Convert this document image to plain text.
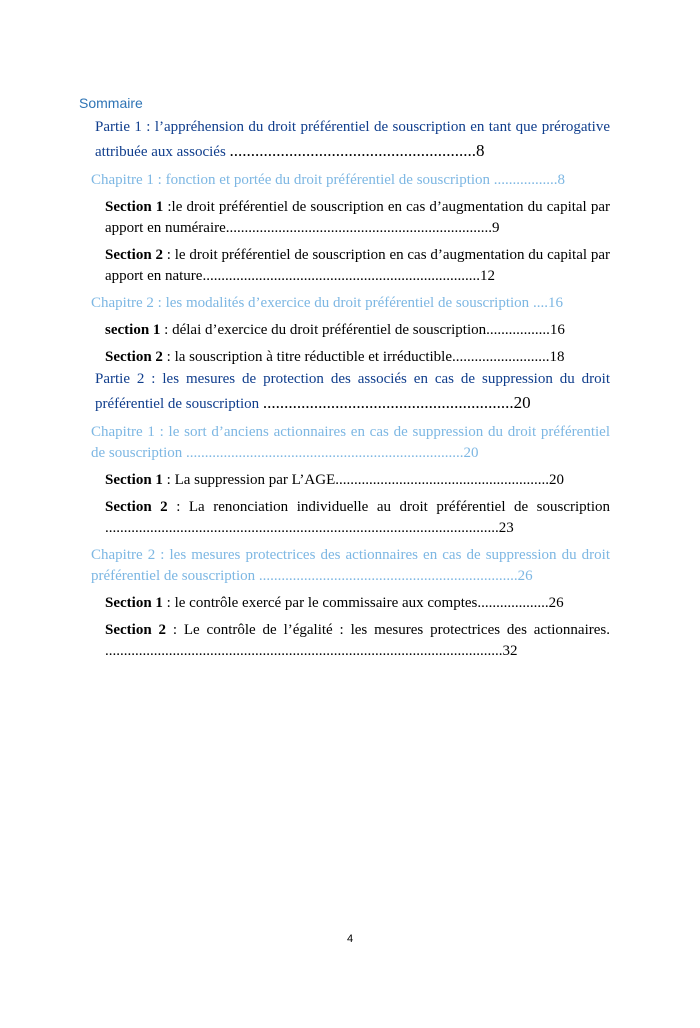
Sommaire

Partie 1 : l’appréhension du droit préférentiel de souscription en tant que prérogative attribuée aux associés ..........................................................8

Chapitre 1 : fonction et portée du droit préférentiel de souscription .................8

Section 1 :le droit préférentiel de souscription en cas d’augmentation du capital par apport en numéraire.......................................................................9

Section 2 : le droit préférentiel de souscription en cas d’augmentation du capital par apport en nature..........................................................................12

Chapitre 2 : les modalités d’exercice du droit préférentiel de souscription ....16

section 1 : délai d’exercice du droit préférentiel de souscription.................16

Section 2 : la souscription à titre réductible et irréductible..........................18

Partie 2 : les mesures de protection des associés en cas de suppression du droit préférentiel de souscription ...........................................................20

Chapitre 1 : le sort d’anciens actionnaires en cas de suppression du droit préférentiel de souscription ..........................................................................20

Section 1 : La suppression par L’AGE.........................................................20

Section 2 : La renonciation individuelle au droit préférentiel de souscription .........................................................................................................23

Chapitre 2 : les mesures protectrices des actionnaires en cas de suppression du droit préférentiel de souscription .....................................................................26

Section 1 : le contrôle exercé par le commissaire aux comptes...................26

Section 2 : Le contrôle de l’égalité : les mesures protectrices des actionnaires. ..........................................................................................................32

4
